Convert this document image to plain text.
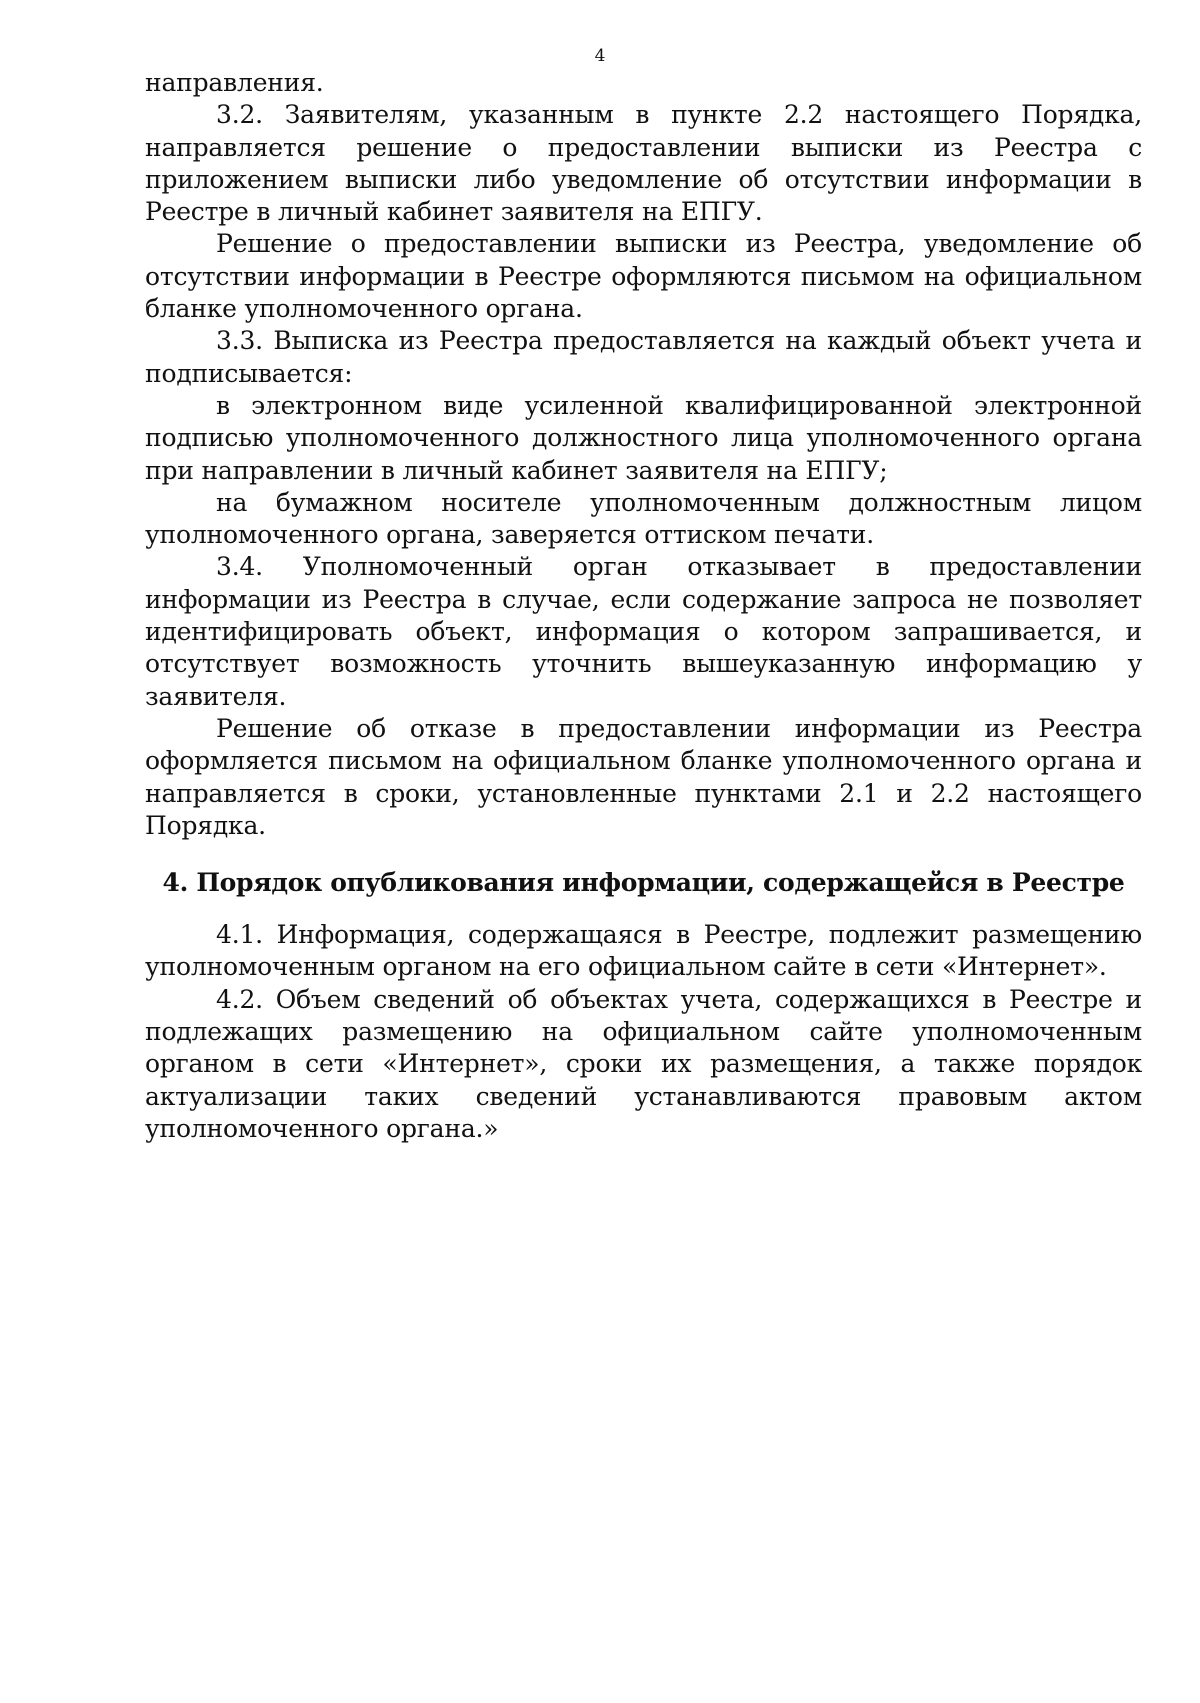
4

направления.

3.2. Заявителям, указанным в пункте 2.2 настоящего Порядка, направляется решение о предоставлении выписки из Реестра с приложением выписки либо уведомление об отсутствии информации в Реестре в личный кабинет заявителя на ЕПГУ.

Решение о предоставлении выписки из Реестра, уведомление об отсутствии информации в Реестре оформляются письмом на официальном бланке уполномоченного органа.

3.3. Выписка из Реестра предоставляется на каждый объект учета и подписывается:

в электронном виде усиленной квалифицированной электронной подписью уполномоченного должностного лица уполномоченного органа при направлении в личный кабинет заявителя на ЕПГУ;

на бумажном носителе уполномоченным должностным лицом уполномоченного органа, заверяется оттиском печати.

3.4. Уполномоченный орган отказывает в предоставлении информации из Реестра в случае, если содержание запроса не позволяет идентифицировать объект, информация о котором запрашивается, и отсутствует возможность уточнить вышеуказанную информацию у заявителя.

Решение об отказе в предоставлении информации из Реестра оформляется письмом на официальном бланке уполномоченного органа и направляется в сроки, установленные пунктами 2.1 и 2.2 настоящего Порядка.

4. Порядок опубликования информации, содержащейся в Реестре

4.1. Информация, содержащаяся в Реестре, подлежит размещению уполномоченным органом на его официальном сайте в сети «Интернет».

4.2. Объем сведений об объектах учета, содержащихся в Реестре и подлежащих размещению на официальном сайте уполномоченным органом в сети «Интернет», сроки их размещения, а также порядок актуализации таких сведений устанавливаются правовым актом уполномоченного органа.»
